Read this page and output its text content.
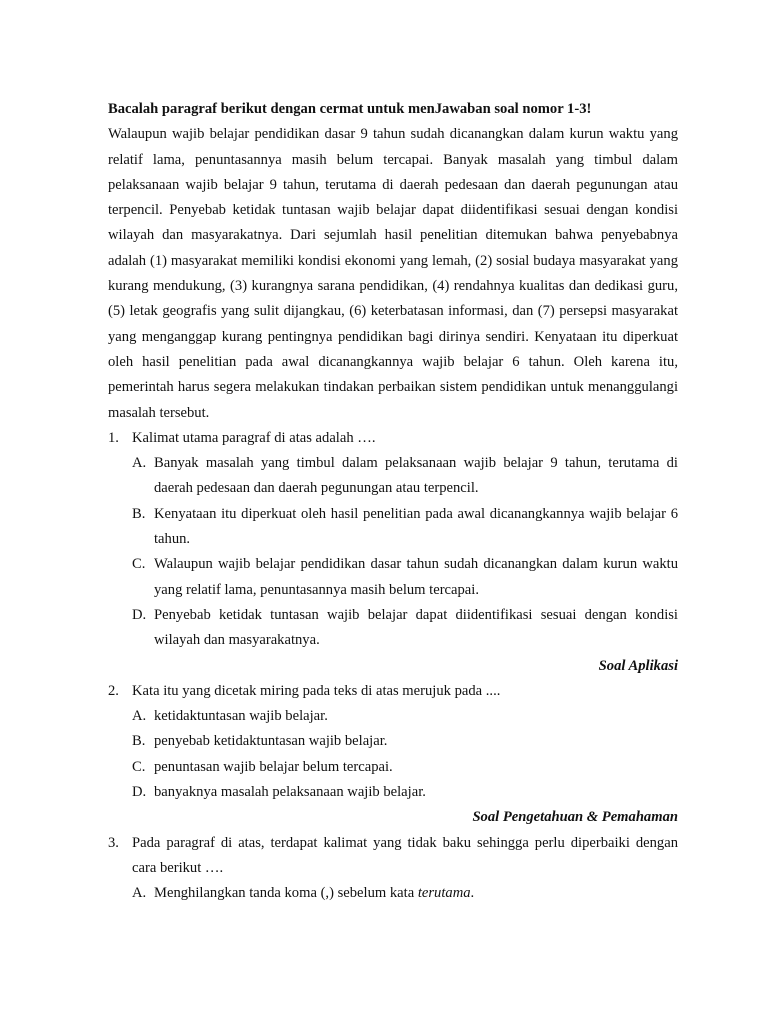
Bacalah paragraf berikut dengan cermat untuk menJawaban soal nomor 1-3!

Walaupun wajib belajar pendidikan dasar 9 tahun sudah dicanangkan dalam kurun waktu yang relatif lama, penuntasannya masih belum tercapai. Banyak masalah yang timbul dalam pelaksanaan wajib belajar 9 tahun, terutama di daerah pedesaan dan daerah pegunungan atau terpencil. Penyebab ketidak tuntasan wajib belajar dapat diidentifikasi sesuai dengan kondisi wilayah dan masyarakatnya. Dari sejumlah hasil penelitian ditemukan bahwa penyebabnya adalah (1) masyarakat memiliki kondisi ekonomi yang lemah, (2) sosial budaya masyarakat yang kurang mendukung, (3) kurangnya sarana pendidikan, (4) rendahnya kualitas dan dedikasi guru, (5) letak geografis yang sulit dijangkau, (6) keterbatasan informasi, dan (7) persepsi masyarakat yang menganggap kurang pentingnya pendidikan bagi dirinya sendiri. Kenyataan itu diperkuat oleh hasil penelitian pada awal dicanangkannya wajib belajar 6 tahun. Oleh karena itu, pemerintah harus segera melakukan tindakan perbaikan sistem pendidikan untuk menanggulangi masalah tersebut.

1. Kalimat utama paragraf di atas adalah ….
A. Banyak masalah yang timbul dalam pelaksanaan wajib belajar 9 tahun, terutama di daerah pedesaan dan daerah pegunungan atau terpencil.
B. Kenyataan itu diperkuat oleh hasil penelitian pada awal dicanangkannya wajib belajar 6 tahun.
C. Walaupun wajib belajar pendidikan dasar tahun sudah dicanangkan dalam kurun waktu yang relatif lama, penuntasannya masih belum tercapai.
D. Penyebab ketidak tuntasan wajib belajar dapat diidentifikasi sesuai dengan kondisi wilayah dan masyarakatnya.
Soal Aplikasi
2. Kata itu yang dicetak miring pada teks di atas merujuk pada ....
A. ketidaktuntasan wajib belajar.
B. penyebab ketidaktuntasan wajib belajar.
C. penuntasan wajib belajar belum tercapai.
D. banyaknya masalah pelaksanaan wajib belajar.
Soal Pengetahuan & Pemahaman
3. Pada paragraf di atas, terdapat kalimat yang tidak baku sehingga perlu diperbaiki dengan cara berikut ….
A. Menghilangkan tanda koma (,) sebelum kata terutama.
